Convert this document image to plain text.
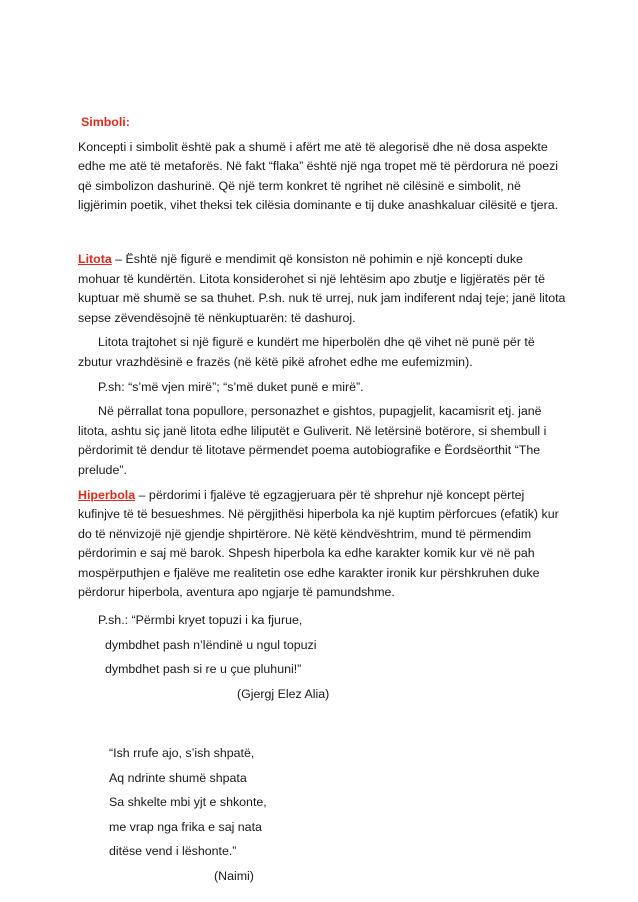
Simboli:

Koncepti i simbolit është pak a shumë i afërt me atë të alegorisë dhe në dosa aspekte edhe me atë të metaforës. Në fakt “flaka” është një nga tropet më të përdorura në poezi që simbolizon dashurinë. Që një term konkret të ngrihet në cilësinë e simbolit, në ligjërimin poetik, vihet theksi tek cilësia dominante e tij duke anashkaluar cilësitë e tjera.

Litota – Është një figurë e mendimit që konsiston në pohimin e një koncepti duke mohuar të kundërtën. Litota konsiderohet si një lehtësim apo zbutje e ligjëratës për të kuptuar më shumë se sa thuhet. P.sh. nuk të urrej, nuk jam indiferent ndaj teje; janë litota sepse zëvendësojnë të nënkuptuarën: të dashuroj.

Litota trajtohet si një figurë e kundërt me hiperbolën dhe që vihet në punë për të zbutur vrazhdësinë e frazës (në këtë pikë afrohet edhe me eufemizmin).

P.sh: “s’më vjen mirë”; “s’më duket punë e mirë”.

Në përrallat tona popullore, personazhet e gishtos, pupagjelit, kacamisrit etj. janë litota, ashtu siç janë litota edhe liliputët e Guliverit. Në letërsinë botërore, si shembull i përdorimit të dendur të litotave përmendet poema autobiografike e Ëordsëorthit “The prelude”.

Hiperbola – përdorimi i fjalëve të egzagjeruara për të shprehur një koncept përtej kufinjve të të besueshmes. Në përgjithësi hiperbola ka një kuptim përforcues (efatik) kur do të nënvizojë një gjendje shpirtërore. Në këtë këndvështrim, mund të përmendim përdorimin e saj më barok. Shpesh hiperbola ka edhe karakter komik kur vë në pah mospërputhjen e fjalëve me realitetin ose edhe karakter ironik kur përshkruhen duke përdorur hiperbola, aventura apo ngjarje të pamundshme.

P.sh.: “Përmbi kryet topuzi i ka fjurue,
dymbdhet pash n’lëndinë u ngul topuzi
dymbdhet pash si re u çue pluhuni!”
(Gjergj Elez Alia)
“Ish rrufe ajo, s’ish shpatë,
Aq ndrinte shumë shpata
Sa shkelte mbi yjt e shkonte,
me vrap nga frika e saj nata
ditëse vend i lëshonte.”
(Naimi)
